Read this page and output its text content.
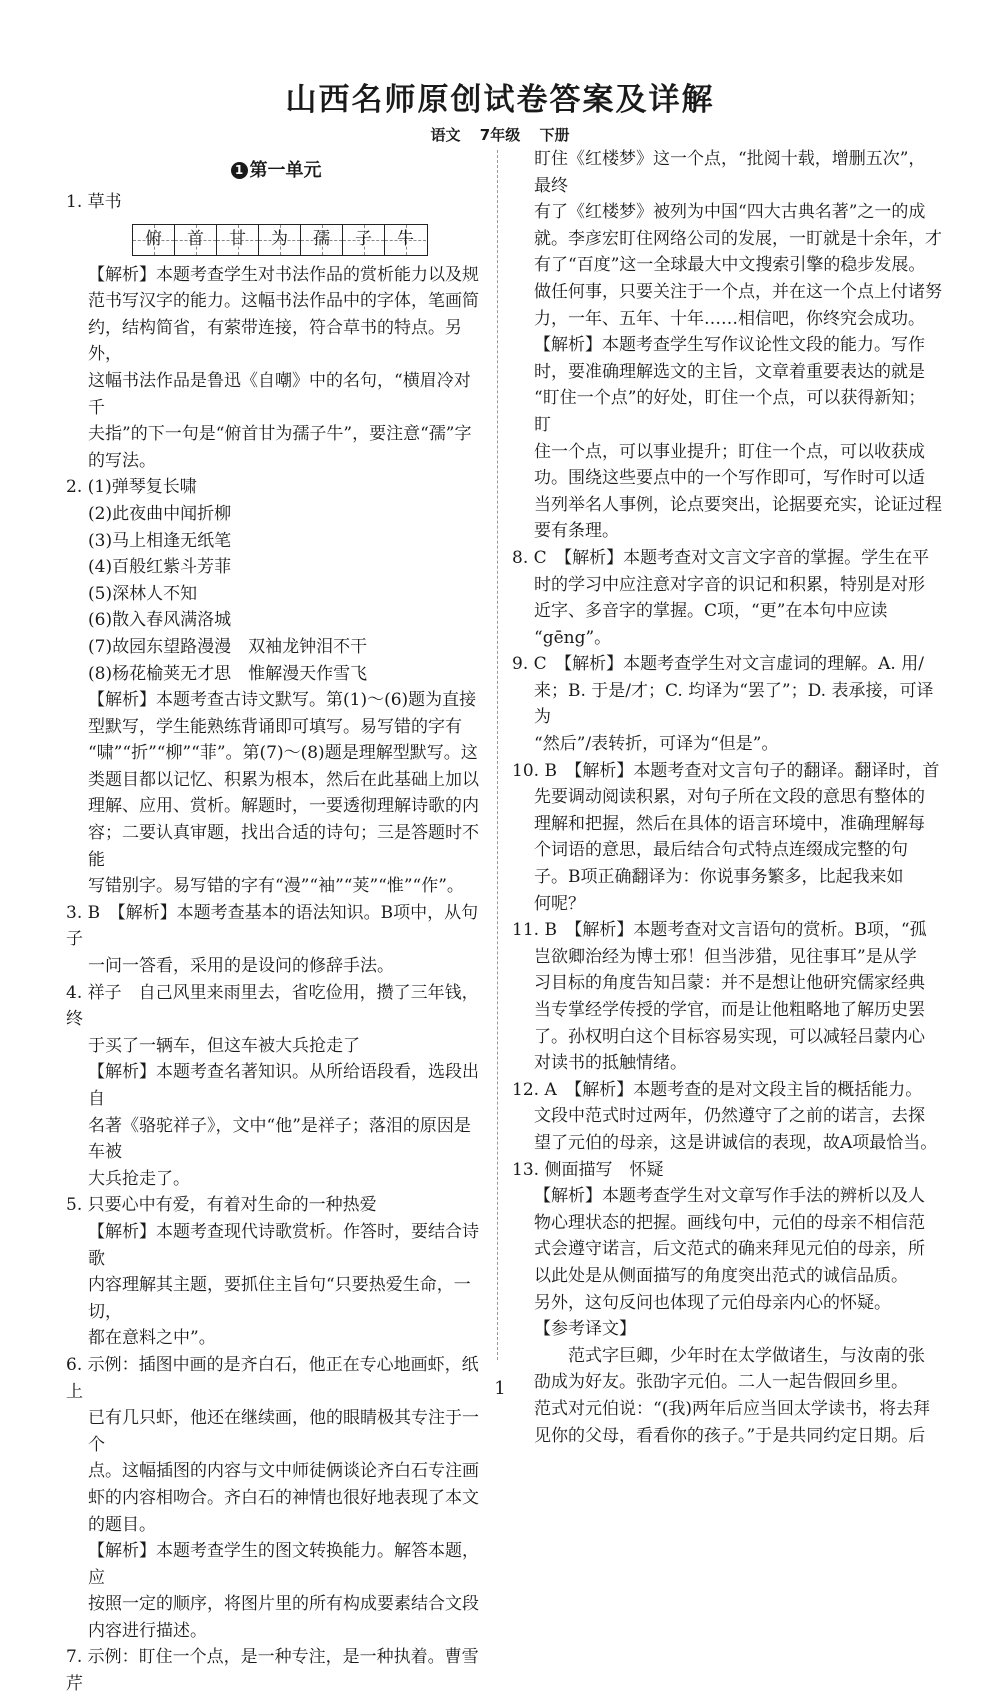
山西名师原创试卷答案及详解
语文 7年级 下册
1 第一单元

1. 草书

俯 首 甘 为 孺 子 牛

【解析】本题考查学生对书法作品的赏析能力以及规

范书写汉字的能力。这幅书法作品中的字体，笔画简

约，结构简省，有萦带连接，符合草书的特点。另外，

这幅书法作品是鲁迅《自嘲》中的名句，“横眉冷对千

夫指”的下一句是“俯首甘为孺子牛”，要注意“孺”字

的写法。

2. (1)弹琴复长啸

(2)此夜曲中闻折柳

(3)马上相逢无纸笔

(4)百般红紫斗芳菲

(5)深林人不知

(6)散入春风满洛城

(7)故园东望路漫漫　双袖龙钟泪不干

(8)杨花榆荚无才思　惟解漫天作雪飞

【解析】本题考查古诗文默写。第(1)～(6)题为直接

型默写，学生能熟练背诵即可填写。易写错的字有

“啸”“折”“柳”“菲”。第(7)～(8)题是理解型默写。这

类题目都以记忆、积累为根本，然后在此基础上加以

理解、应用、赏析。解题时，一要透彻理解诗歌的内

容；二要认真审题，找出合适的诗句；三是答题时不能

写错别字。易写错的字有“漫”“袖”“荚”“惟”“作”。

3. B　【解析】本题考查基本的语法知识。B项中，从句子

一问一答看，采用的是设问的修辞手法。

4. 祥子　自己风里来雨里去，省吃俭用，攒了三年钱，终

于买了一辆车，但这车被大兵抢走了

【解析】本题考查名著知识。从所给语段看，选段出自

名著《骆驼祥子》，文中“他”是祥子；落泪的原因是车被

大兵抢走了。

5. 只要心中有爱，有着对生命的一种热爱

【解析】本题考查现代诗歌赏析。作答时，要结合诗歌

内容理解其主题，要抓住主旨句“只要热爱生命，一切，

都在意料之中”。

6. 示例：插图中画的是齐白石，他正在专心地画虾，纸上

已有几只虾，他还在继续画，他的眼睛极其专注于一个

点。这幅插图的内容与文中师徒俩谈论齐白石专注画

虾的内容相吻合。齐白石的神情也很好地表现了本文

的题目。

【解析】本题考查学生的图文转换能力。解答本题，应

按照一定的顺序，将图片里的所有构成要素结合文段

内容进行描述。

7. 示例：盯住一个点，是一种专注，是一种执着。曹雪芹

盯住《红楼梦》这一个点，“批阅十载，增删五次”，最终

有了《红楼梦》被列为中国“四大古典名著”之一的成

就。李彦宏盯住网络公司的发展，一盯就是十余年，才

有了“百度”这一全球最大中文搜索引擎的稳步发展。

做任何事，只要关注于一个点，并在这一个点上付诸努

力，一年、五年、十年……相信吧，你终究会成功。

【解析】本题考查学生写作议论性文段的能力。写作

时，要准确理解选文的主旨，文章着重要表达的就是

“盯住一个点”的好处，盯住一个点，可以获得新知；盯

住一个点，可以事业提升；盯住一个点，可以收获成

功。围绕这些要点中的一个写作即可，写作时可以适

当列举名人事例，论点要突出，论据要充实，论证过程

要有条理。

8. C　【解析】本题考查对文言文字音的掌握。学生在平

时的学习中应注意对字音的识记和积累，特别是对形

近字、多音字的掌握。C项，“更”在本句中应读

“gēng”。

9. C　【解析】本题考查学生对文言虚词的理解。A. 用/

来；B. 于是/才；C. 均译为“罢了”；D. 表承接，可译为

“然后”/表转折，可译为“但是”。

10. B　【解析】本题考查对文言句子的翻译。翻译时，首

先要调动阅读积累，对句子所在文段的意思有整体的

理解和把握，然后在具体的语言环境中，准确理解每

个词语的意思，最后结合句式特点连缀成完整的句

子。B项正确翻译为：你说事务繁多，比起我来如

何呢？

11. B　【解析】本题考查对文言语句的赏析。B项，“孤

岂欲卿治经为博士邪！但当涉猎，见往事耳”是从学

习目标的角度告知吕蒙：并不是想让他研究儒家经典

当专掌经学传授的学官，而是让他粗略地了解历史罢

了。孙权明白这个目标容易实现，可以减轻吕蒙内心

对读书的抵触情绪。

12. A　【解析】本题考查的是对文段主旨的概括能力。

文段中范式时过两年，仍然遵守了之前的诺言，去探

望了元伯的母亲，这是讲诚信的表现，故A项最恰当。

13. 侧面描写　怀疑

【解析】本题考查学生对文章写作手法的辨析以及人

物心理状态的把握。画线句中，元伯的母亲不相信范

式会遵守诺言，后文范式的确来拜见元伯的母亲，所

以此处是从侧面描写的角度突出范式的诚信品质。

另外，这句反问也体现了元伯母亲内心的怀疑。

【参考译文】

范式字巨卿，少年时在太学做诸生，与汝南的张

劭成为好友。张劭字元伯。二人一起告假回乡里。

范式对元伯说：“(我)两年后应当回太学读书，将去拜

见你的父母，看看你的孩子。”于是共同约定日期。后

1
